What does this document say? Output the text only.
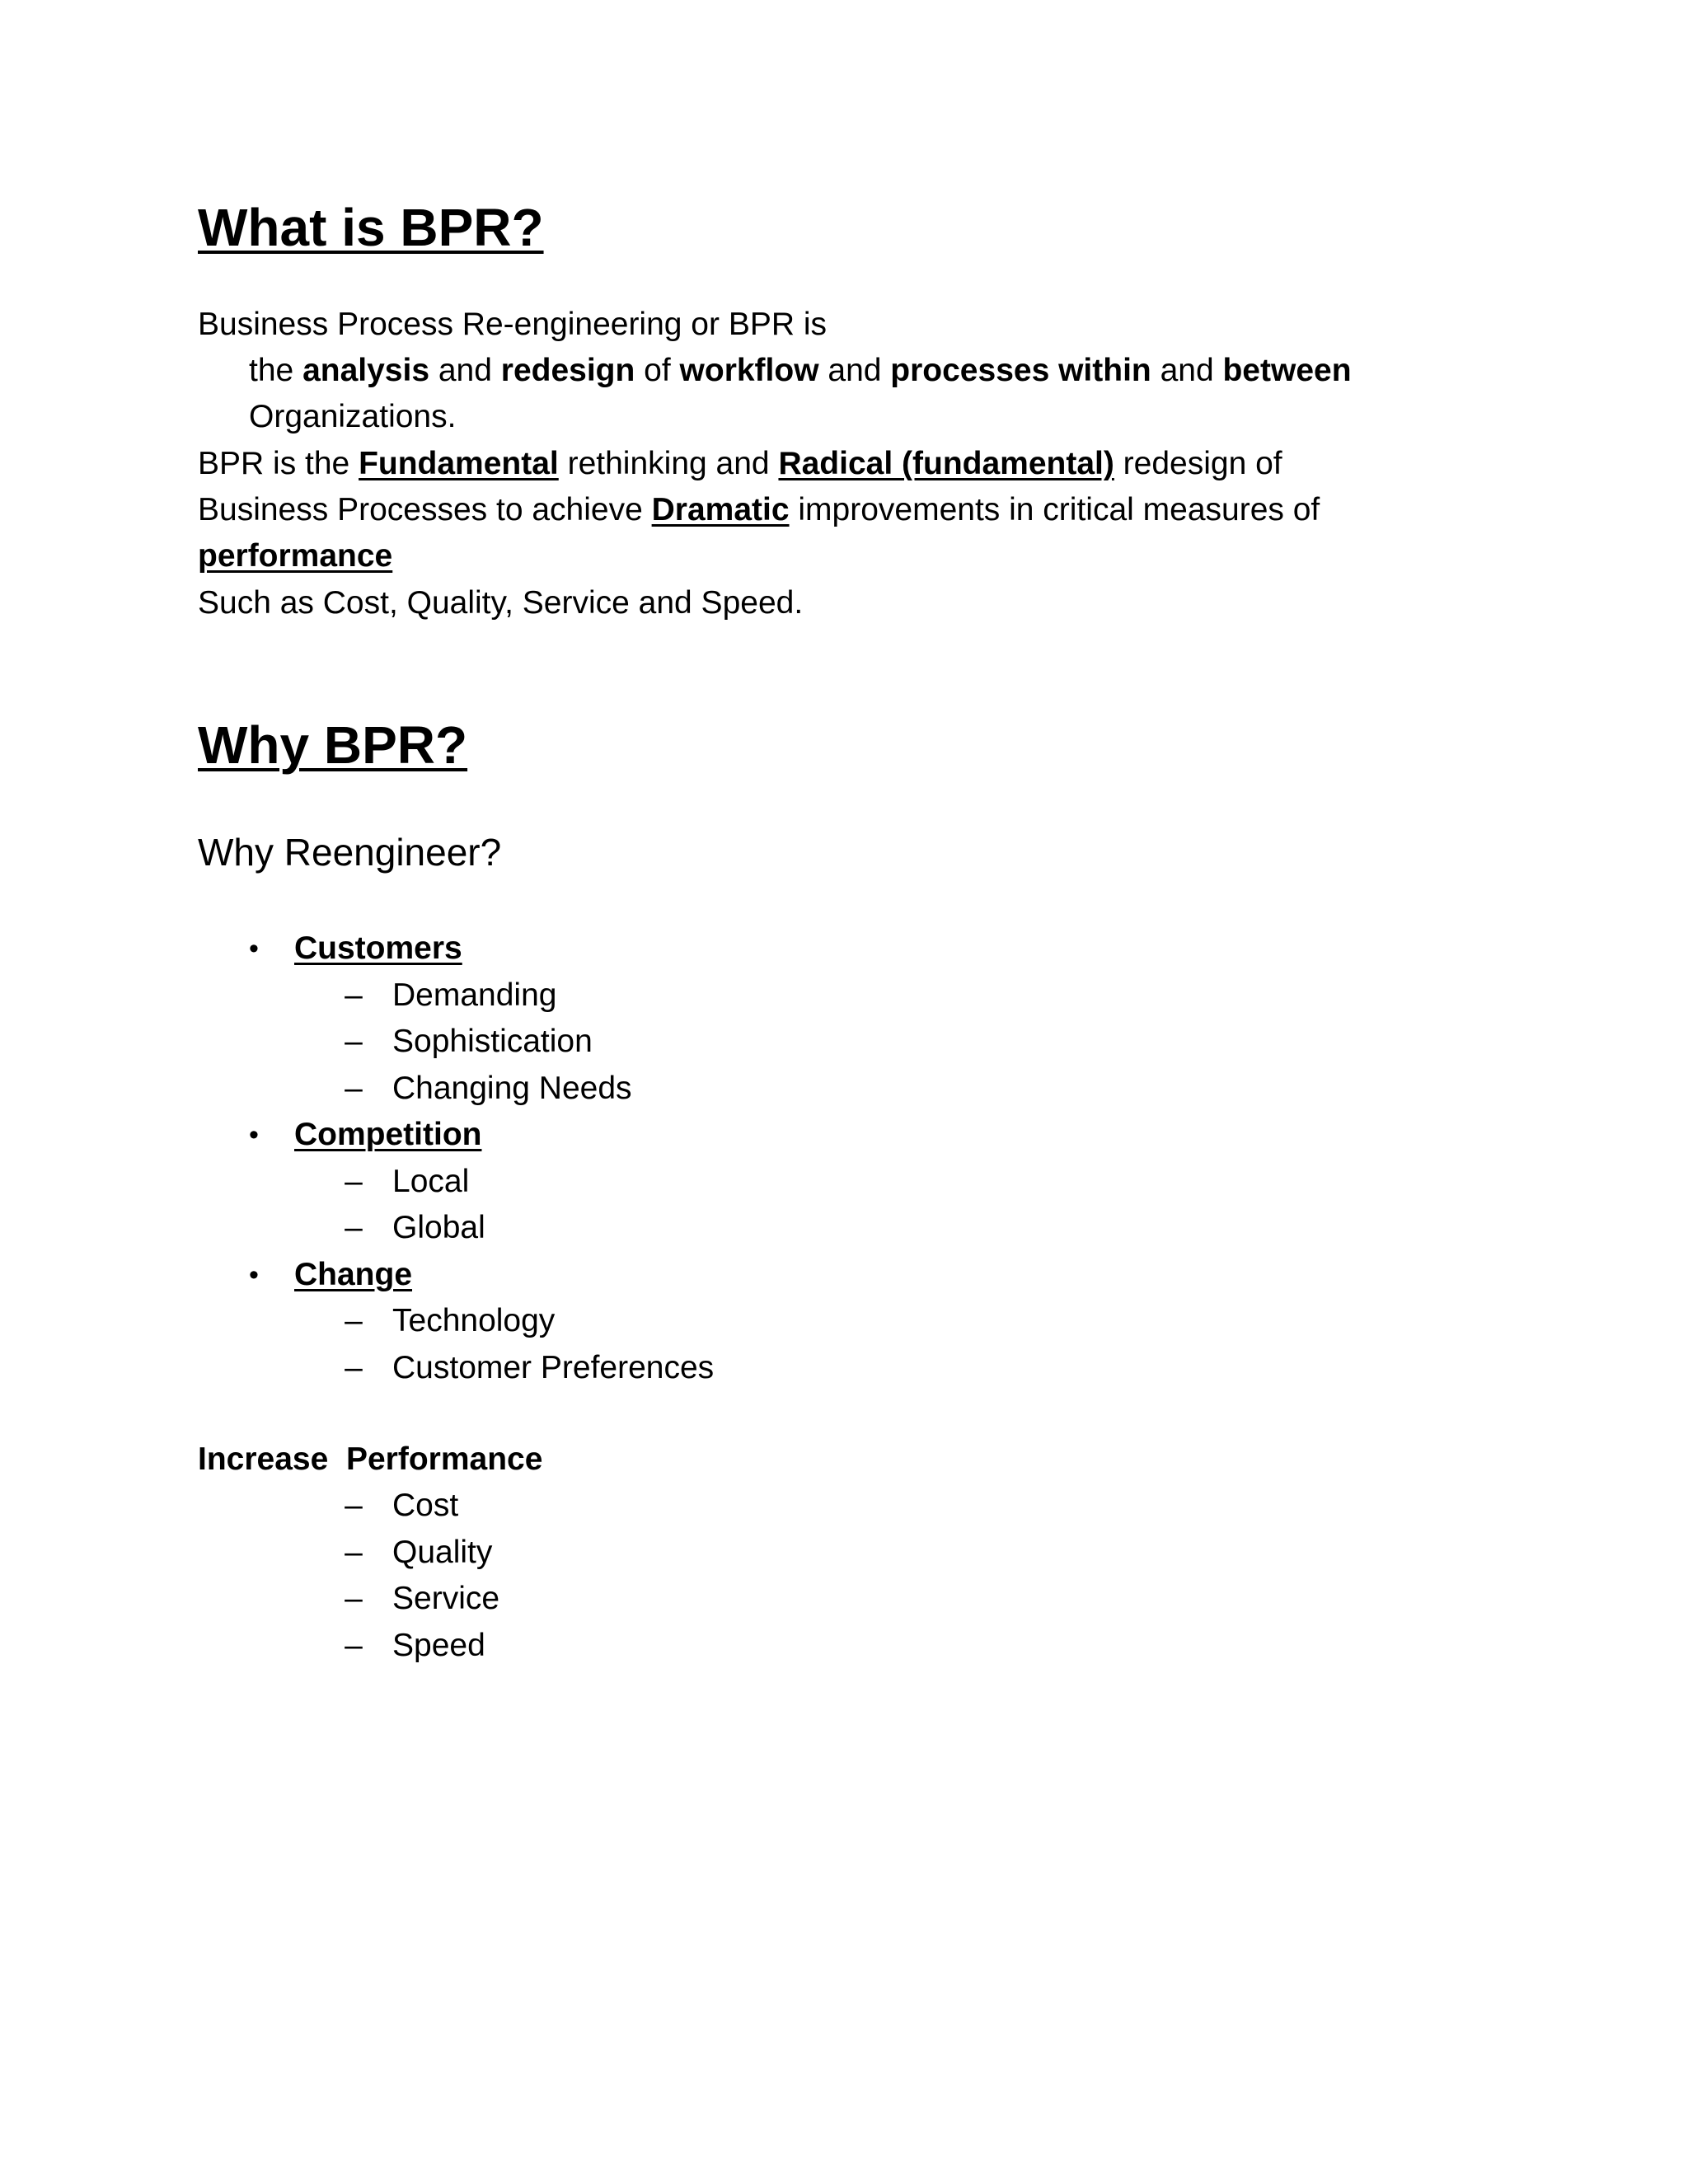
What is BPR?
Business Process Re-engineering or BPR is
the analysis and redesign of workflow and processes within and between
Organizations.
BPR is the Fundamental rethinking and Radical (fundamental) redesign of
Business Processes to achieve Dramatic improvements in critical measures of
performance
Such as Cost, Quality, Service and Speed.
Why BPR?
Why Reengineer?
• Customers
– Demanding
– Sophistication
– Changing Needs
• Competition
– Local
– Global
• Change
– Technology
– Customer Preferences
Increase  Performance
– Cost
– Quality
– Service
– Speed
